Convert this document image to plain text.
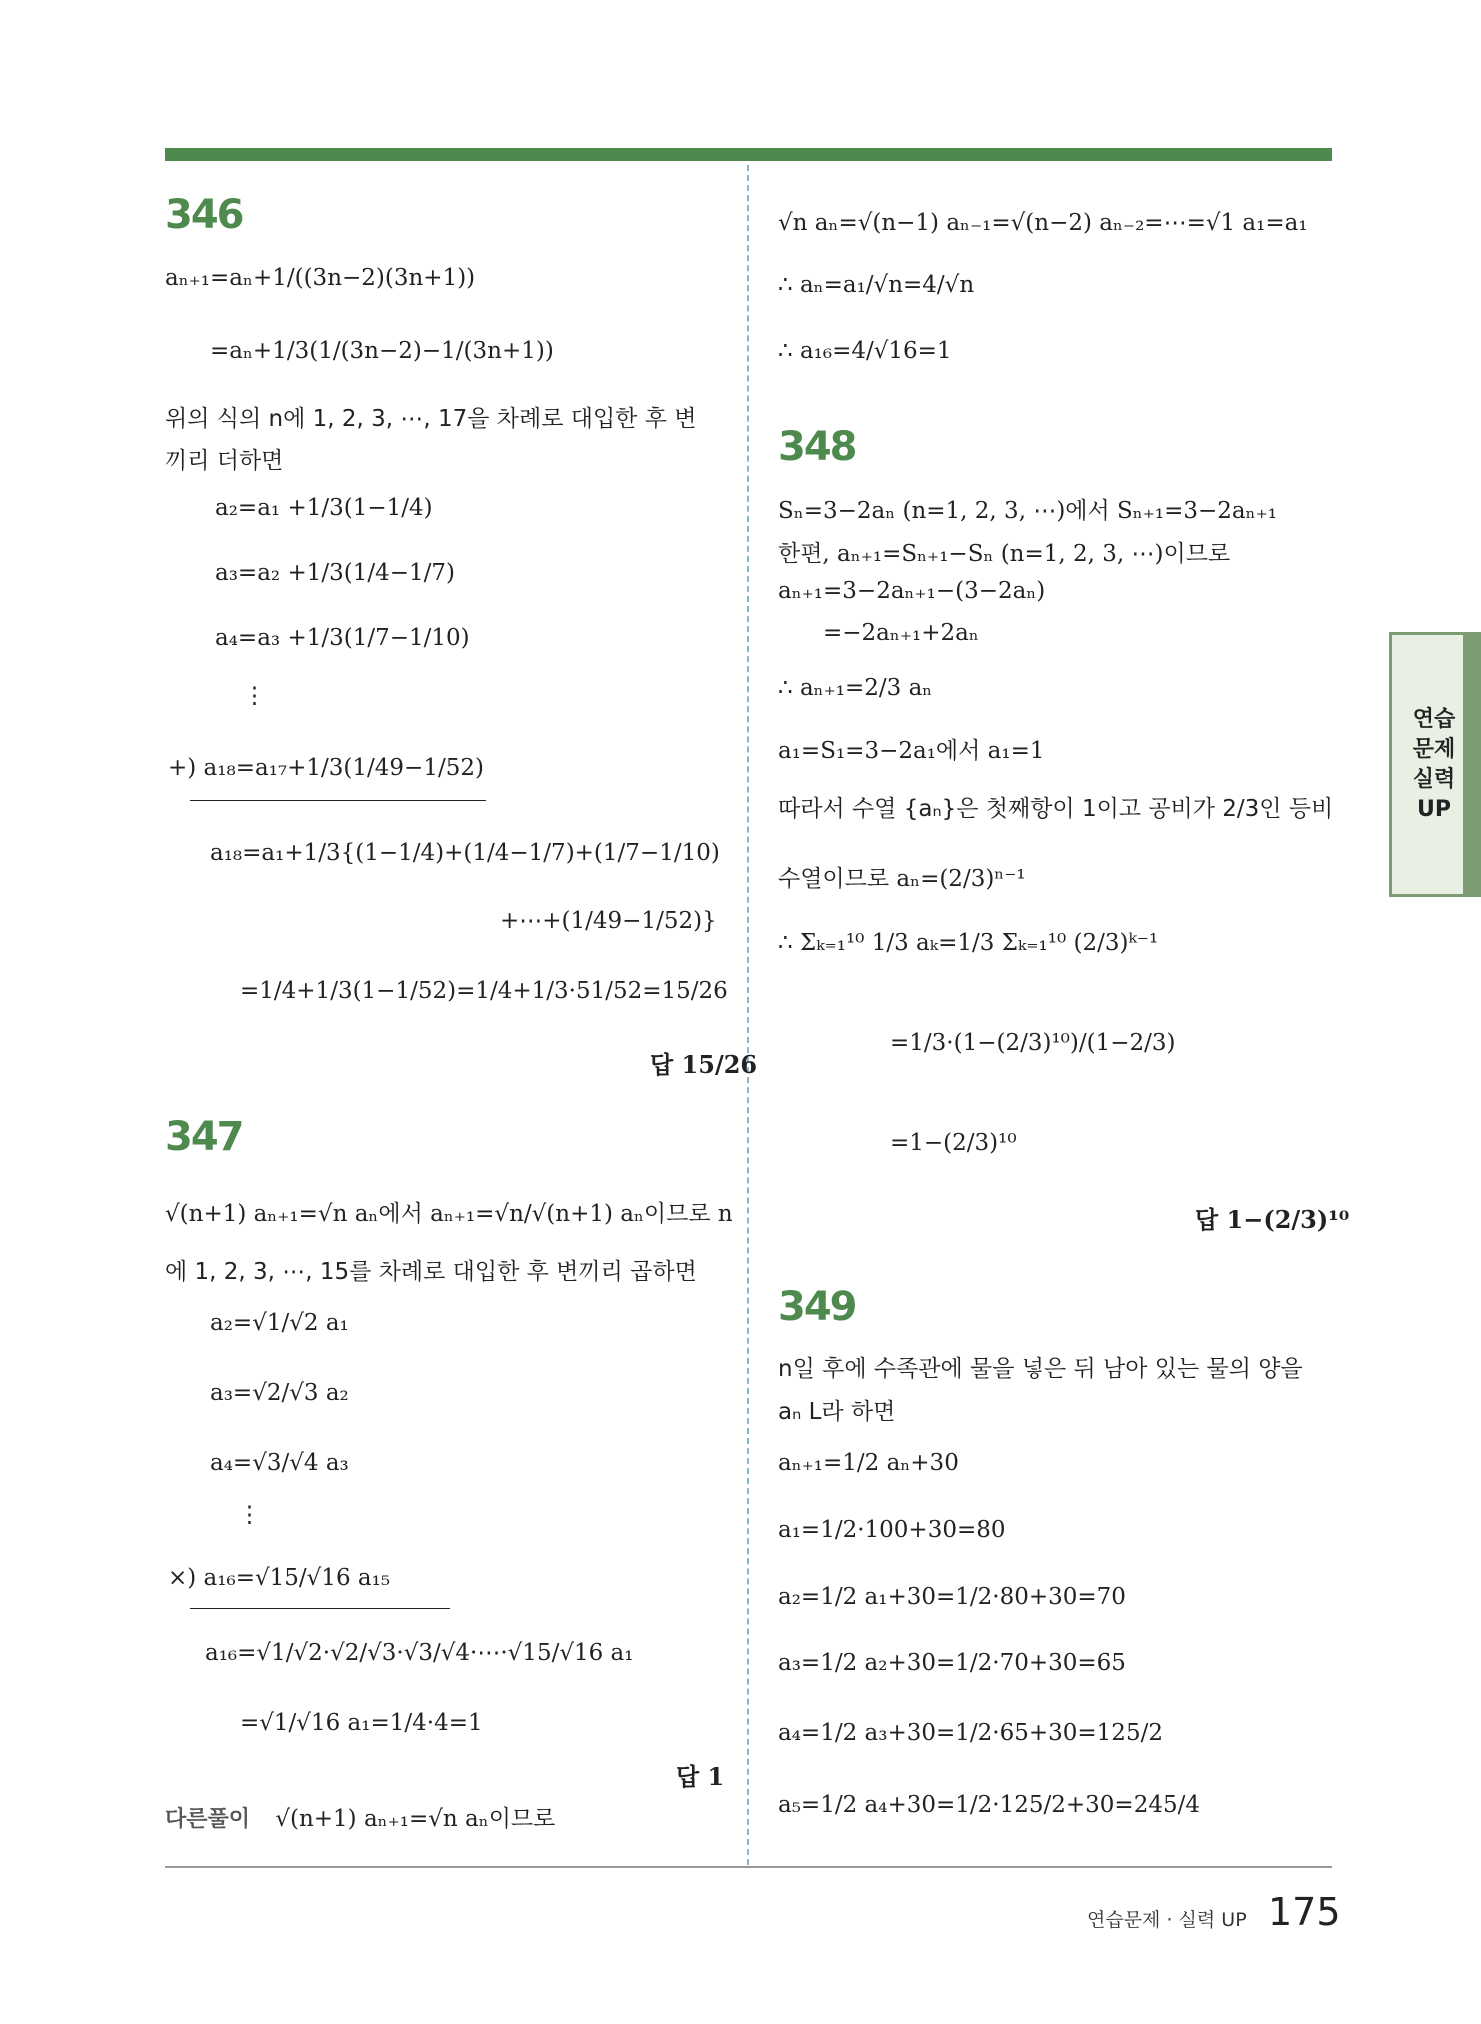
연습문제 실력UP
346
aₙ₊₁=aₙ+1/((3n−2)(3n+1))
=aₙ+1/3(1/(3n−2)−1/(3n+1))
위의 식의 n에 1, 2, 3, ⋯, 17을 차례로 대입한 후 변
끼리 더하면
a₂=a₁ +1/3(1−1/4)
a₃=a₂ +1/3(1/4−1/7)
a₄=a₃ +1/3(1/7−1/10)
⋮
+) a₁₈=a₁₇+1/3(1/49−1/52)
a₁₈=a₁+1/3{(1−1/4)+(1/4−1/7)+(1/7−1/10)
+⋯+(1/49−1/52)}
=1/4+1/3(1−1/52)=1/4+1/3·51/52=15/26
답 15/26
347
√(n+1) aₙ₊₁=√n aₙ에서 aₙ₊₁=√n/√(n+1) aₙ이므로 n
에 1, 2, 3, ⋯, 15를 차례로 대입한 후 변끼리 곱하면
a₂=√1/√2 a₁
a₃=√2/√3 a₂
a₄=√3/√4 a₃
⋮
×) a₁₆=√15/√16 a₁₅
a₁₆=√1/√2·√2/√3·√3/√4·⋯·√15/√16 a₁
=√1/√16 a₁=1/4·4=1
답 1
다른풀이 √(n+1) aₙ₊₁=√n aₙ이므로
√n aₙ=√(n−1) aₙ₋₁=√(n−2) aₙ₋₂=⋯=√1 a₁=a₁
∴ aₙ=a₁/√n=4/√n
∴ a₁₆=4/√16=1
348
Sₙ=3−2aₙ (n=1, 2, 3, ⋯)에서 Sₙ₊₁=3−2aₙ₊₁
한편, aₙ₊₁=Sₙ₊₁−Sₙ (n=1, 2, 3, ⋯)이므로
aₙ₊₁=3−2aₙ₊₁−(3−2aₙ)
=−2aₙ₊₁+2aₙ
∴ aₙ₊₁=2/3 aₙ
a₁=S₁=3−2a₁에서 a₁=1
따라서 수열 {aₙ}은 첫째항이 1이고 공비가 2/3인 등비
수열이므로 aₙ=(2/3)ⁿ⁻¹
∴ Σₖ₌₁¹⁰ 1/3 aₖ=1/3 Σₖ₌₁¹⁰ (2/3)ᵏ⁻¹
=1/3·(1−(2/3)¹⁰)/(1−2/3)
=1−(2/3)¹⁰
답 1−(2/3)¹⁰
349
n일 후에 수족관에 물을 넣은 뒤 남아 있는 물의 양을
aₙ L라 하면
aₙ₊₁=1/2 aₙ+30
a₁=1/2·100+30=80
a₂=1/2 a₁+30=1/2·80+30=70
a₃=1/2 a₂+30=1/2·70+30=65
a₄=1/2 a₃+30=1/2·65+30=125/2
a₅=1/2 a₄+30=1/2·125/2+30=245/4
연습문제 · 실력 UP 175
